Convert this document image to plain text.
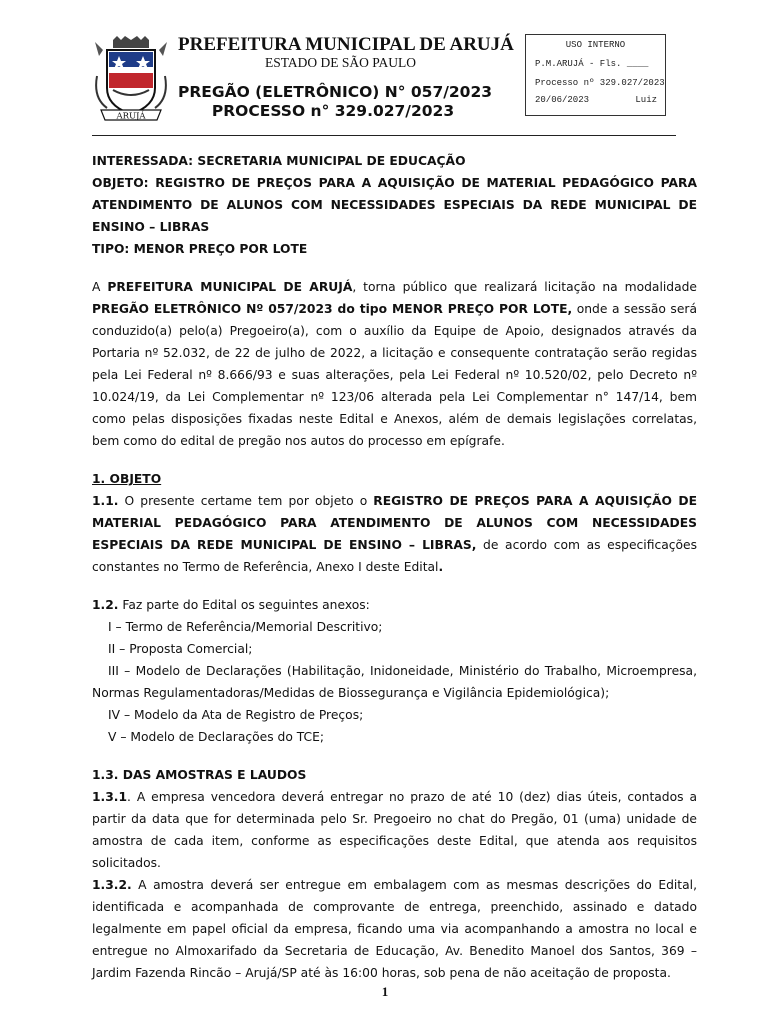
ARUJÁ
PREFEITURA MUNICIPAL DE ARUJÁ
ESTADO DE SÃO PAULO
PREGÃO (ELETRÔNICO) N° 057/2023
PROCESSO n° 329.027/2023
USO INTERNO
P.M.ARUJÁ - Fls. ____
Processo nº 329.027/2023
20/06/2023	Luiz

INTERESSADA: SECRETARIA MUNICIPAL DE EDUCAÇÃO

OBJETO: REGISTRO DE PREÇOS PARA A AQUISIÇÃO DE MATERIAL PEDAGÓGICO PARA ATENDIMENTO DE ALUNOS COM NECESSIDADES ESPECIAIS DA REDE MUNICIPAL DE ENSINO – LIBRAS

TIPO: MENOR PREÇO POR LOTE

A PREFEITURA MUNICIPAL DE ARUJÁ, torna público que realizará licitação na modalidade PREGÃO ELETRÔNICO Nº 057/2023 do tipo MENOR PREÇO POR LOTE, onde a sessão será conduzido(a) pelo(a) Pregoeiro(a), com o auxílio da Equipe de Apoio, designados através da Portaria nº 52.032, de 22 de julho de 2022, a licitação e consequente contratação serão regidas pela Lei Federal nº 8.666/93 e suas alterações, pela Lei Federal nº 10.520/02, pelo Decreto nº 10.024/19, da Lei Complementar nº 123/06 alterada pela Lei Complementar n° 147/14, bem como pelas disposições fixadas neste Edital e Anexos, além de demais legislações correlatas, bem como do edital de pregão nos autos do processo em epígrafe.

1. OBJETO

1.1. O presente certame tem por objeto o REGISTRO DE PREÇOS PARA A AQUISIÇÃO DE MATERIAL PEDAGÓGICO PARA ATENDIMENTO DE ALUNOS COM NECESSIDADES ESPECIAIS DA REDE MUNICIPAL DE ENSINO – LIBRAS, de acordo com as especificações constantes no Termo de Referência, Anexo I deste Edital.

1.2. Faz parte do Edital os seguintes anexos:

I – Termo de Referência/Memorial Descritivo;

II – Proposta Comercial;

III – Modelo de Declarações (Habilitação, Inidoneidade, Ministério do Trabalho, Microempresa, Normas Regulamentadoras/Medidas de Biossegurança e Vigilância Epidemiológica);

IV – Modelo da Ata de Registro de Preços;

V – Modelo de Declarações do TCE;

1.3. DAS AMOSTRAS E LAUDOS

1.3.1. A empresa vencedora deverá entregar no prazo de até 10 (dez) dias úteis, contados a partir da data que for determinada pelo Sr. Pregoeiro no chat do Pregão, 01 (uma) unidade de amostra de cada item, conforme as especificações deste Edital, que atenda aos requisitos solicitados.

1.3.2. A amostra deverá ser entregue em embalagem com as mesmas descrições do Edital, identificada e acompanhada de comprovante de entrega, preenchido, assinado e datado legalmente em papel oficial da empresa, ficando uma via acompanhando a amostra no local e entregue no Almoxarifado da Secretaria de Educação, Av. Benedito Manoel dos Santos, 369 – Jardim Fazenda Rincão – Arujá/SP até às 16:00 horas, sob pena de não aceitação de proposta.

1
